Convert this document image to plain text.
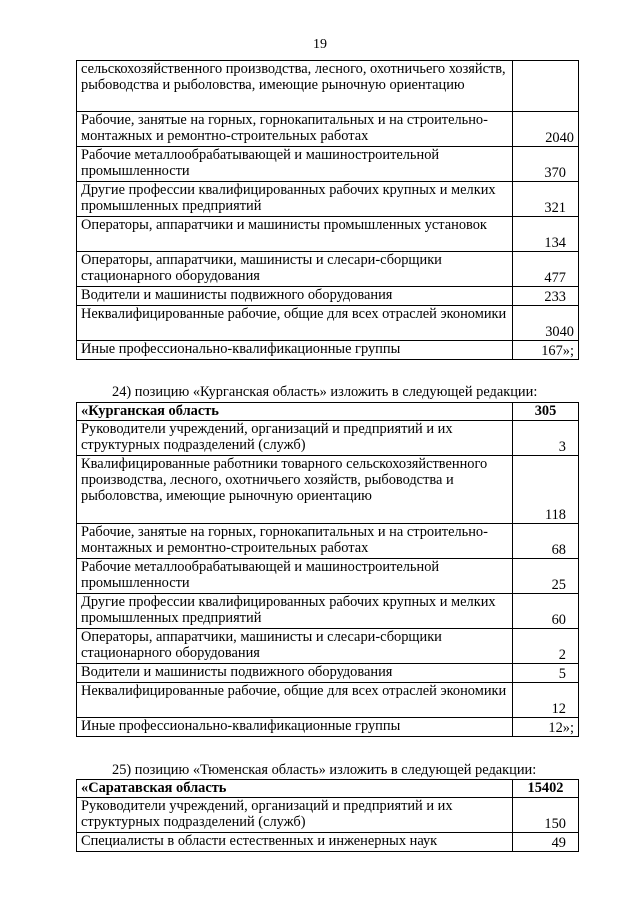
19
сельскохозяйственного производства, лесного, охотничьего хозяйств, рыбоводства и рыболовства, имеющие рыночную ориентацию	
Рабочие, занятые на горных, горнокапитальных и на строительно-монтажных и ремонтно-строительных работах	2040
Рабочие металлообрабатывающей и машиностроительной промышленности	370
Другие профессии квалифицированных рабочих крупных и мелких промышленных предприятий	321
Операторы, аппаратчики и машинисты промышленных установок	134
Операторы, аппаратчики, машинисты и слесари-сборщики стационарного оборудования	477
Водители и машинисты подвижного оборудования	233
Неквалифицированные рабочие, общие для всех отраслей экономики	3040
Иные профессионально-квалификационные группы	167»;
24) позицию «Курганская область» изложить в следующей редакции:
«Курганская область	305
Руководители учреждений, организаций и предприятий и их структурных подразделений (служб)	3
Квалифицированные работники товарного сельскохозяйственного производства, лесного, охотничьего хозяйств, рыбоводства и рыболовства, имеющие рыночную ориентацию	118
Рабочие, занятые на горных, горнокапитальных и на строительно-монтажных и ремонтно-строительных работах	68
Рабочие металлообрабатывающей и машиностроительной промышленности	25
Другие профессии квалифицированных рабочих крупных и мелких промышленных предприятий	60
Операторы, аппаратчики, машинисты и слесари-сборщики стационарного оборудования	2
Водители и машинисты подвижного оборудования	5
Неквалифицированные рабочие, общие для всех отраслей экономики	12
Иные профессионально-квалификационные группы	12»;
25) позицию «Тюменская область» изложить в следующей редакции:
«Саратавская область	15402
Руководители учреждений, организаций и предприятий и их структурных подразделений (служб)	150
Специалисты в области естественных и инженерных наук	49
